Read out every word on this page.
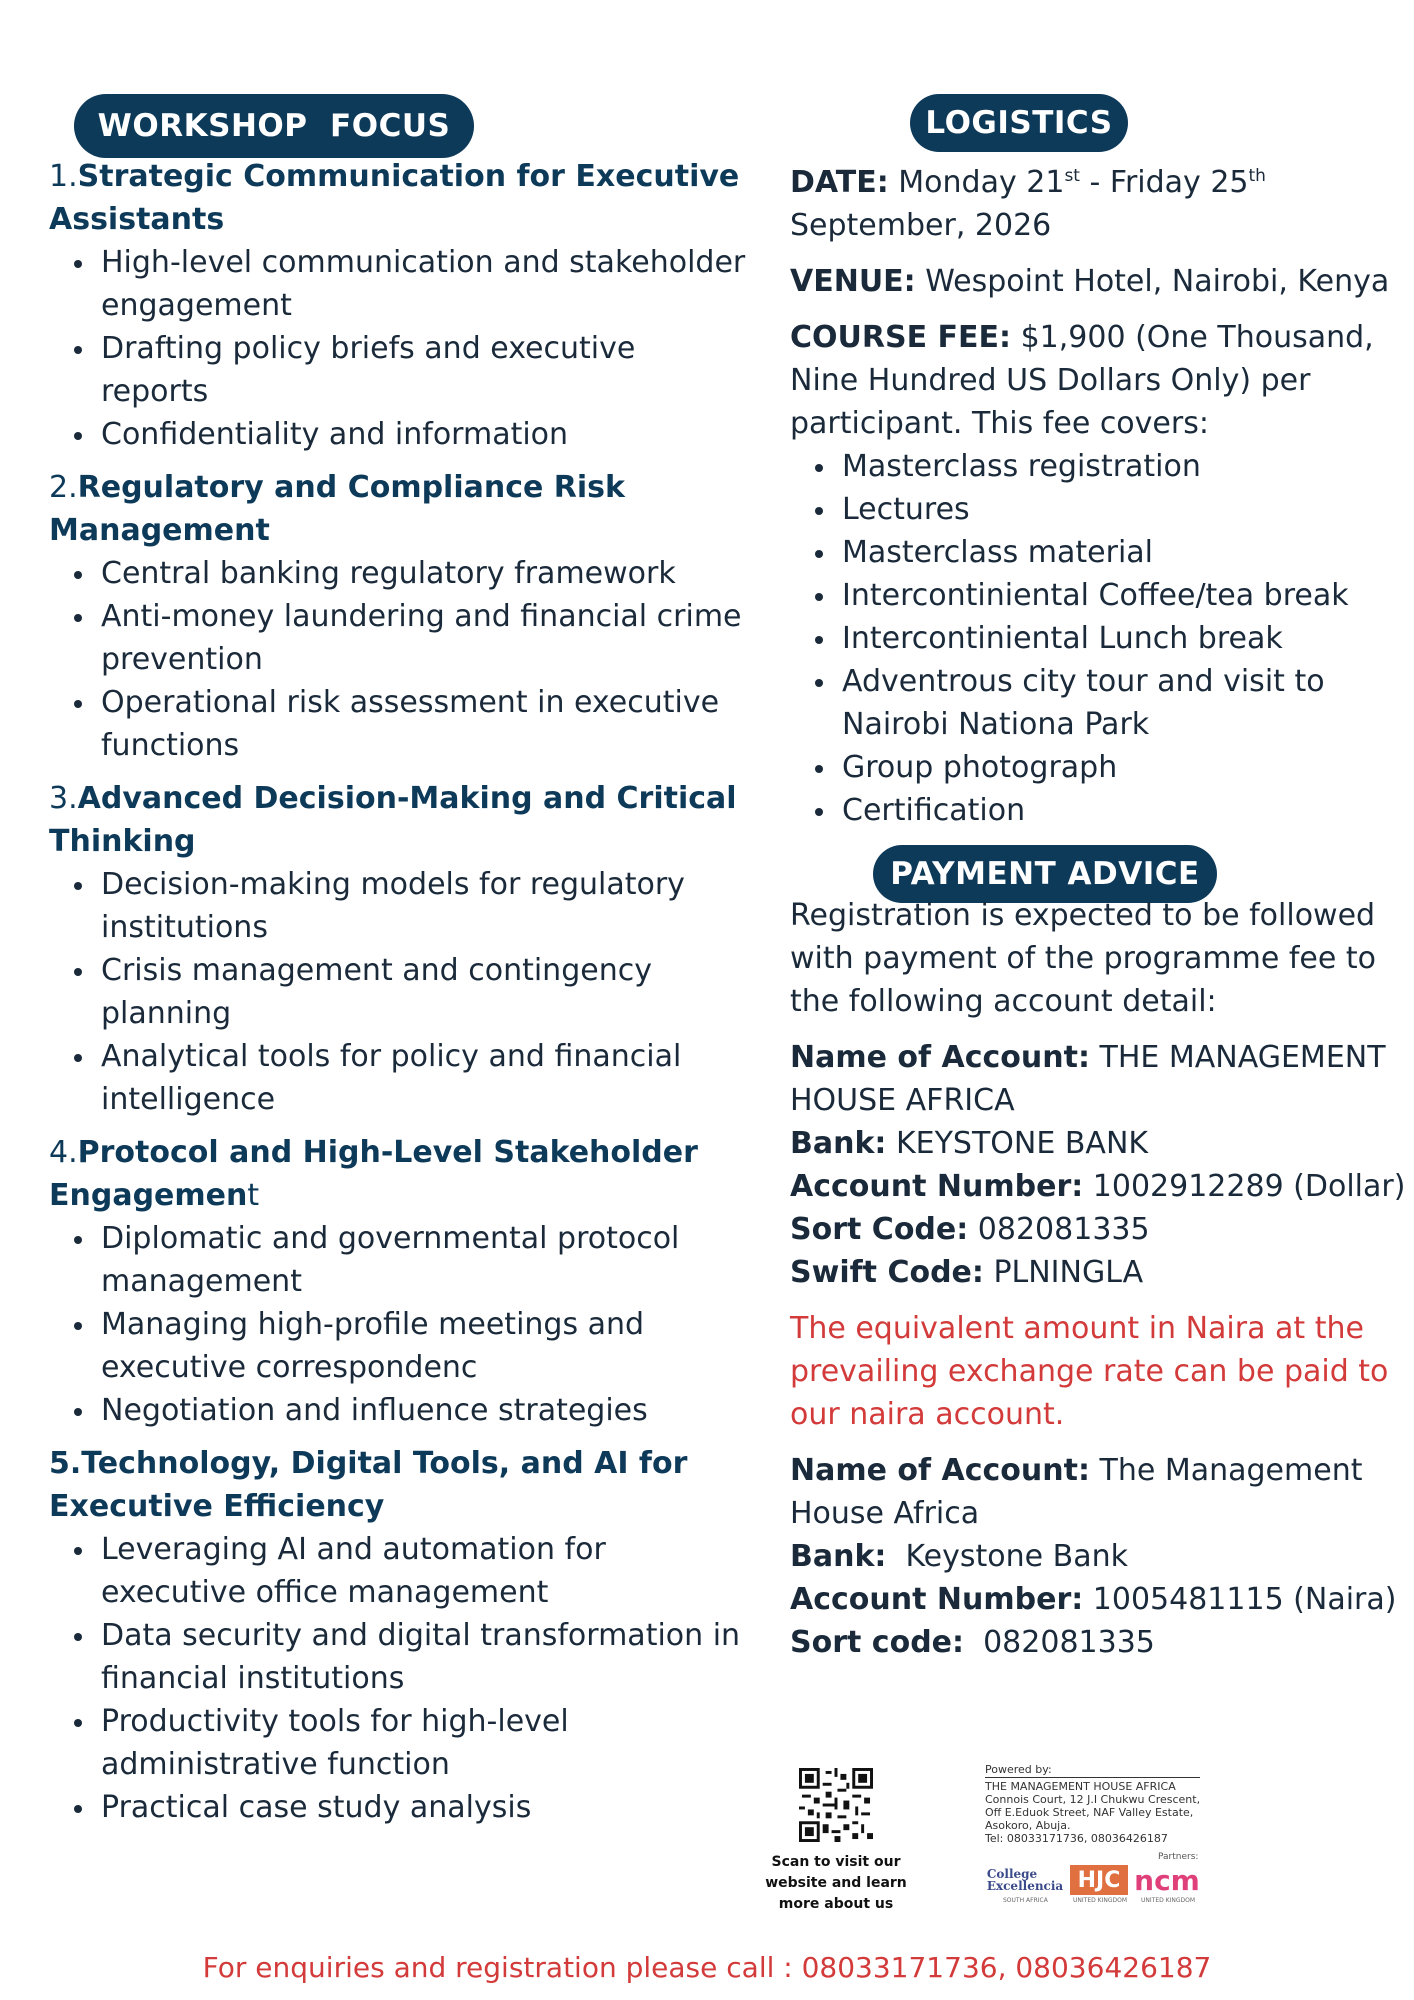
WORKSHOP  FOCUS	LOGISTICS
PAYMENT ADVICE
1.Strategic Communication for Executive Assistants
High-level communication and stakeholder engagement
Drafting policy briefs and executive reports
Confidentiality and information
2.Regulatory and Compliance Risk Management
Central banking regulatory framework
Anti-money laundering and financial crime prevention
Operational risk assessment in executive functions
3.Advanced Decision-Making and Critical Thinking
Decision-making models for regulatory institutions
Crisis management and contingency planning
Analytical tools for policy and financial intelligence
4.Protocol and High-Level Stakeholder Engagement
Diplomatic and governmental protocol management
Managing high-profile meetings and executive correspondenc
Negotiation and influence strategies
5.Technology, Digital Tools, and AI for Executive Efficiency
Leveraging AI and automation for executive office management
Data security and digital transformation in financial institutions
Productivity tools for high-level administrative function
Practical case study analysis
DATE: Monday 21st - Friday 25th
September, 2026
VENUE: Wespoint Hotel, Nairobi, Kenya
COURSE FEE: $1,900 (One Thousand, Nine Hundred US Dollars Only) per participant. This fee covers:
Masterclass registration
Lectures
Masterclass material
Intercontiniental Coffee/tea break
Intercontiniental Lunch break
Adventrous city tour and visit to Nairobi Nationa Park
Group photograph
Certification
Registration is expected to be followed with payment of the programme fee to the following account detail:
Name of Account: THE MANAGEMENT HOUSE AFRICA
Bank: KEYSTONE BANK
Account Number: 1002912289 (Dollar)
Sort Code: 082081335
Swift Code: PLNINGLA
The equivalent amount in Naira at the prevailing exchange rate can be paid to our naira account.
Name of Account: The Management House Africa
Bank: Keystone Bank
Account Number: 1005481115 (Naira)
Sort code: 082081335
Scan to visit our website and learn more about us
Powered by:
THE MANAGEMENT HOUSE AFRICA
Connois Court, 12 J.I Chukwu Crescent,
Off E.Eduok Street, NAF Valley Estate,
Asokoro, Abuja.
Tel: 08033171736, 08036426187
Partners:
College Excellencia HJC ncm
SOUTH AFRICA	UNITED KINGDOM UNITED KINGDOM
For enquiries and registration please call : 08033171736, 08036426187
